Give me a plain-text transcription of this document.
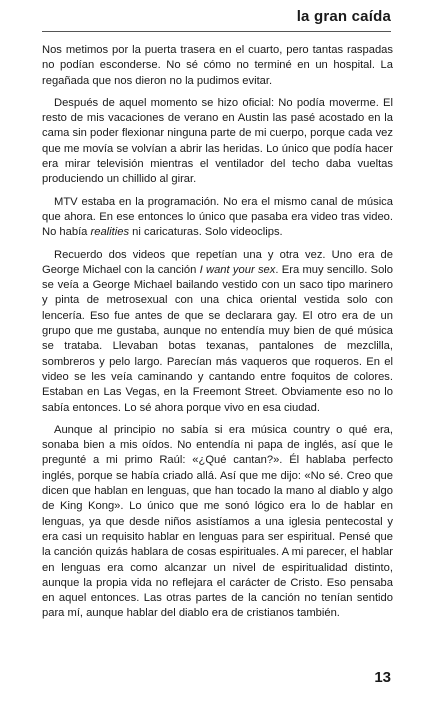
la gran caída

Nos metimos por la puerta trasera en el cuarto, pero tantas raspadas no podían esconderse. No sé cómo no terminé en un hospital. La regañada que nos dieron no la pudimos evitar.

Después de aquel momento se hizo oficial: No podía moverme. El resto de mis vacaciones de verano en Austin las pasé acostado en la cama sin poder flexionar ninguna parte de mi cuerpo, porque cada vez que me movía se volvían a abrir las heridas. Lo único que podía hacer era mirar televisión mientras el ventilador del techo daba vueltas produciendo un chillido al girar.

MTV estaba en la programación. No era el mismo canal de música que ahora. En ese entonces lo único que pasaba era video tras video. No había realities ni caricaturas. Solo videoclips.

Recuerdo dos videos que repetían una y otra vez. Uno era de George Michael con la canción I want your sex. Era muy sencillo. Solo se veía a George Michael bailando vestido con un saco tipo marinero y pinta de metrosexual con una chica oriental vestida solo con lencería. Eso fue antes de que se declarara gay. El otro era de un grupo que me gustaba, aunque no entendía muy bien de qué música se trataba. Llevaban botas texanas, pantalones de mezclilla, sombreros y pelo largo. Parecían más vaqueros que roqueros. En el video se les veía caminando y cantando entre foquitos de colores. Estaban en Las Vegas, en la Freemont Street. Obviamente eso no lo sabía entonces. Lo sé ahora porque vivo en esa ciudad.

Aunque al principio no sabía si era música country o qué era, sonaba bien a mis oídos. No entendía ni papa de inglés, así que le pregunté a mi primo Raúl: «¿Qué cantan?». Él hablaba perfecto inglés, porque se había criado allá. Así que me dijo: «No sé. Creo que dicen que hablan en lenguas, que han tocado la mano al diablo y algo de King Kong». Lo único que me sonó lógico era lo de hablar en lenguas, ya que desde niños asistíamos a una iglesia pentecostal y era casi un requisito hablar en lenguas para ser espiritual. Pensé que la canción quizás hablara de cosas espirituales. A mi parecer, el hablar en lenguas era como alcanzar un nivel de espiritualidad distinto, aunque la propia vida no reflejara el carácter de Cristo. Eso pensaba en aquel entonces. Las otras partes de la canción no tenían sentido para mí, aunque hablar del diablo era de cristianos también.

13
